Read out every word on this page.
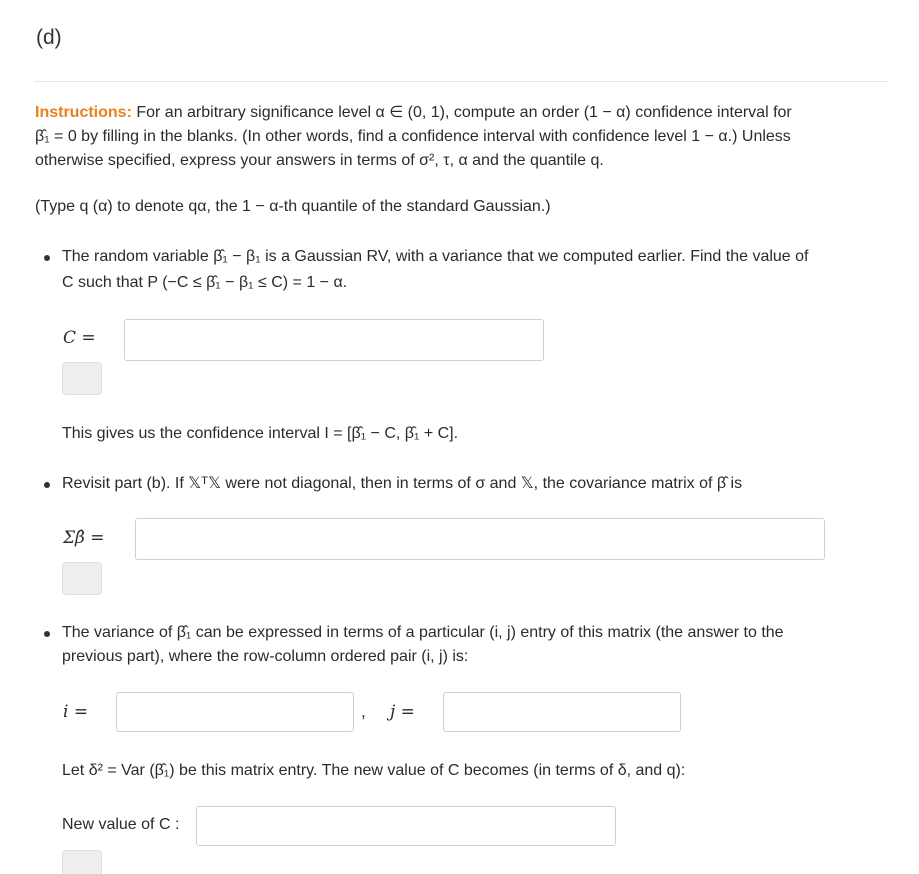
(d)
Instructions: For an arbitrary significance level α ∈ (0, 1), compute an order (1 − α) confidence interval for
β̂₁ = 0 by filling in the blanks. (In other words, find a confidence interval with confidence level 1 − α.) Unless
otherwise specified, express your answers in terms of σ², τ, α and the quantile q.
(Type q (α) to denote qα, the 1 − α-th quantile of the standard Gaussian.)
The random variable β̂₁ − β₁ is a Gaussian RV, with a variance that we computed earlier. Find the value of
C such that P (−C ≤ β̂₁ − β₁ ≤ C) = 1 − α.
C =
This gives us the confidence interval I = [β̂₁ − C, β̂₁ + C].
Revisit part (b). If 𝕏ᵀ𝕏 were not diagonal, then in terms of σ and 𝕏, the covariance matrix of β̂ is
Σβ̂ =
The variance of β̂₁ can be expressed in terms of a particular (i, j) entry of this matrix (the answer to the
previous part), where the row-column ordered pair (i, j) is:
i =	, j =
Let δ² = Var (β̂₁) be this matrix entry. The new value of C becomes (in terms of δ, and q):
New value of C :
